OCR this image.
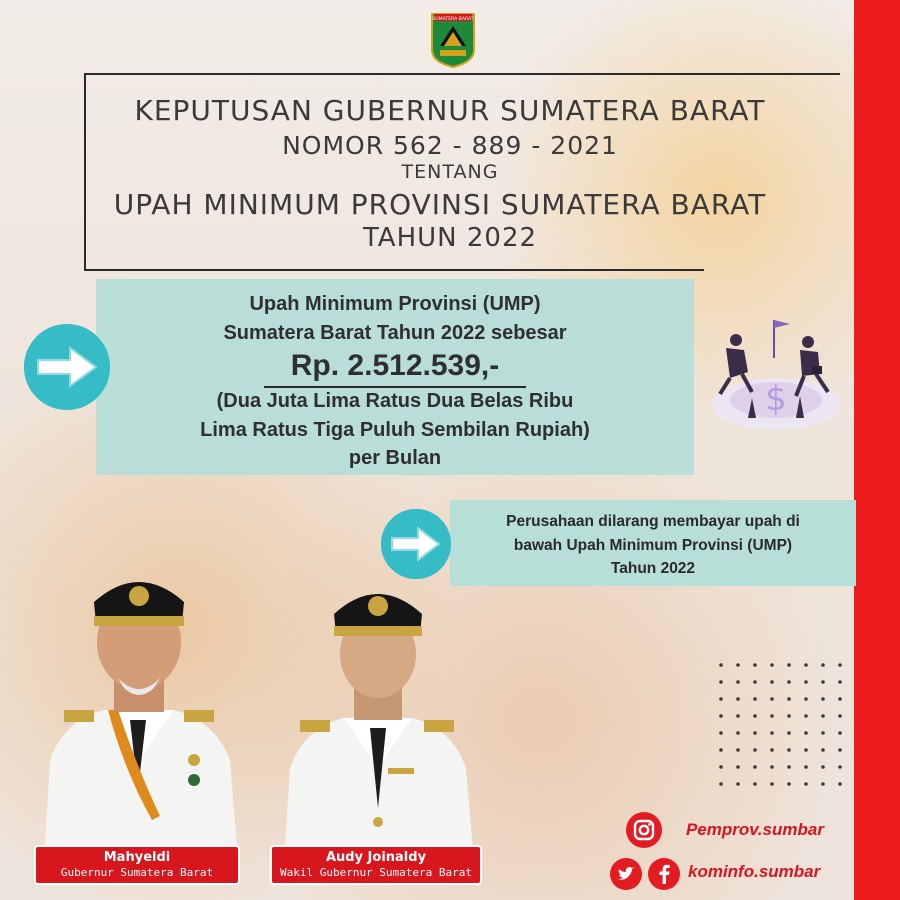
SUMATERA BARAT
KEPUTUSAN GUBERNUR SUMATERA BARAT
NOMOR 562 - 889 - 2021
TENTANG
UPAH MINIMUM PROVINSI SUMATERA BARAT
TAHUN 2022
Upah Minimum Provinsi (UMP)
Sumatera Barat Tahun 2022 sebesar
Rp. 2.512.539,-
(Dua Juta Lima Ratus Dua Belas Ribu
Lima Ratus Tiga Puluh Sembilan Rupiah)
per Bulan
$
Perusahaan dilarang membayar upah di
bawah Upah Minimum Provinsi (UMP)
Tahun 2022
Mahyeldi
Gubernur Sumatera Barat
Audy Joinaldy
Wakil Gubernur Sumatera Barat
Pemprov.sumbar
kominfo.sumbar
